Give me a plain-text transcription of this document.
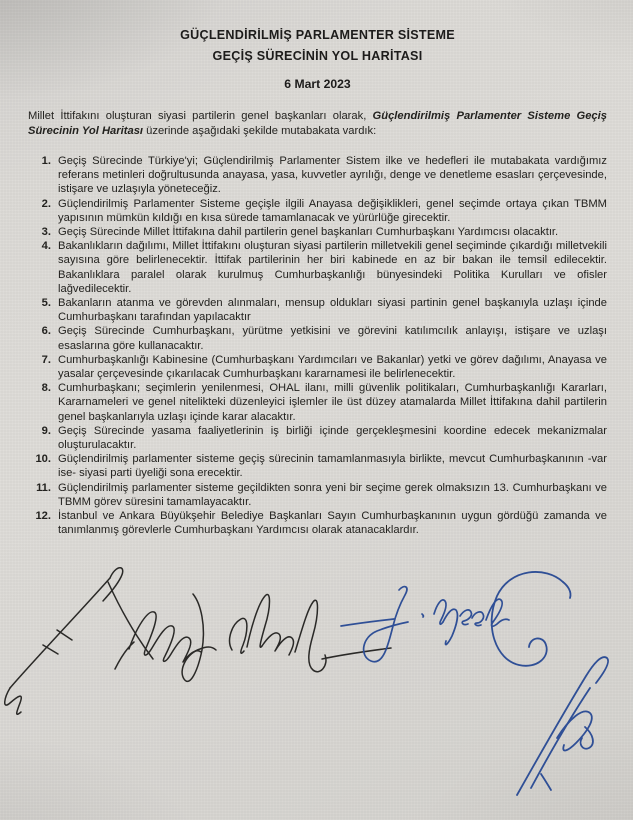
GÜÇLENDİRİLMİŞ PARLAMENTER SİSTEME
GEÇİŞ SÜRECİNİN YOL HARİTASI
6 Mart 2023
Millet İttifakını oluşturan siyasi partilerin genel başkanları olarak, Güçlendirilmiş Parlamenter Sisteme Geçiş Sürecinin Yol Haritası üzerinde aşağıdaki şekilde mutabakata vardık:
1. Geçiş Sürecinde Türkiye'yi; Güçlendirilmiş Parlamenter Sistem ilke ve hedefleri ile mutabakata vardığımız referans metinleri doğrultusunda anayasa, yasa, kuvvetler ayrılığı, denge ve denetleme esasları çerçevesinde, istişare ve uzlaşıyla yöneteceğiz.
2. Güçlendirilmiş Parlamenter Sisteme geçişle ilgili Anayasa değişiklikleri, genel seçimde ortaya çıkan TBMM yapısının mümkün kıldığı en kısa sürede tamamlanacak ve yürürlüğe girecektir.
3. Geçiş Sürecinde Millet İttifakına dahil partilerin genel başkanları Cumhurbaşkanı Yardımcısı olacaktır.
4. Bakanlıkların dağılımı, Millet İttifakını oluşturan siyasi partilerin milletvekili genel seçiminde çıkardığı milletvekili sayısına göre belirlenecektir. İttifak partilerinin her biri kabinede en az bir bakan ile temsil edilecektir. Bakanlıklara paralel olarak kurulmuş Cumhurbaşkanlığı bünyesindeki Politika Kurulları ve ofisler lağvedilecektir.
5. Bakanların atanma ve görevden alınmaları, mensup oldukları siyasi partinin genel başkanıyla uzlaşı içinde Cumhurbaşkanı tarafından yapılacaktır
6. Geçiş Sürecinde Cumhurbaşkanı, yürütme yetkisini ve görevini katılımcılık anlayışı, istişare ve uzlaşı esaslarına göre kullanacaktır.
7. Cumhurbaşkanlığı Kabinesine (Cumhurbaşkanı Yardımcıları ve Bakanlar) yetki ve görev dağılımı, Anayasa ve yasalar çerçevesinde çıkarılacak Cumhurbaşkanı kararnamesi ile belirlenecektir.
8. Cumhurbaşkanı; seçimlerin yenilenmesi, OHAL ilanı, milli güvenlik politikaları, Cumhurbaşkanlığı Kararları, Kararnameleri ve genel nitelikteki düzenleyici işlemler ile üst düzey atamalarda Millet İttifakına dahil partilerin genel başkanlarıyla uzlaşı içinde karar alacaktır.
9. Geçiş Sürecinde yasama faaliyetlerinin iş birliği içinde gerçekleşmesini koordine edecek mekanizmalar oluşturulacaktır.
10. Güçlendirilmiş parlamenter sisteme geçiş sürecinin tamamlanmasıyla birlikte, mevcut Cumhurbaşkanının -var ise- siyasi parti üyeliği sona erecektir.
11. Güçlendirilmiş parlamenter sisteme geçildikten sonra yeni bir seçime gerek olmaksızın 13. Cumhurbaşkanı ve TBMM görev süresini tamamlayacaktır.
12. İstanbul ve Ankara Büyükşehir Belediye Başkanları Sayın Cumhurbaşkanının uygun gördüğü zamanda ve tanımlanmış görevlerle Cumhurbaşkanı Yardımcısı olarak atanacaklardır.
